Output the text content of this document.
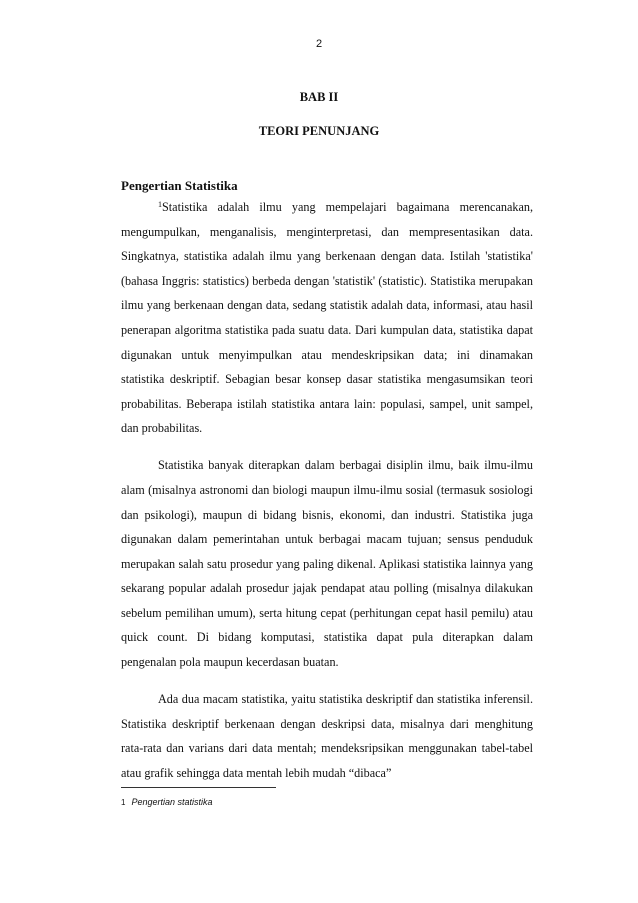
2
BAB II
TEORI PENUNJANG
Pengertian Statistika

$^1$Statistika adalah ilmu yang mempelajari bagaimana merencanakan, mengumpulkan, menganalisis, menginterpretasi, dan mempresentasikan data. Singkatnya, statistika adalah ilmu yang berkenaan dengan data. Istilah 'statistika' (bahasa Inggris: statistics) berbeda dengan 'statistik' (statistic). Statistika merupakan ilmu yang berkenaan dengan data, sedang statistik adalah data, informasi, atau hasil penerapan algoritma statistika pada suatu data. Dari kumpulan data, statistika dapat digunakan untuk menyimpulkan atau mendeskripsikan data; ini dinamakan statistika deskriptif. Sebagian besar konsep dasar statistika mengasumsikan teori probabilitas. Beberapa istilah statistika antara lain: populasi, sampel, unit sampel, dan probabilitas.

Statistika banyak diterapkan dalam berbagai disiplin ilmu, baik ilmu-ilmu alam (misalnya astronomi dan biologi maupun ilmu-ilmu sosial (termasuk sosiologi dan psikologi), maupun di bidang bisnis, ekonomi, dan industri. Statistika juga digunakan dalam pemerintahan untuk berbagai macam tujuan; sensus penduduk merupakan salah satu prosedur yang paling dikenal. Aplikasi statistika lainnya yang sekarang popular adalah prosedur jajak pendapat atau polling (misalnya dilakukan sebelum pemilihan umum), serta hitung cepat (perhitungan cepat hasil pemilu) atau quick count. Di bidang komputasi, statistika dapat pula diterapkan dalam pengenalan pola maupun kecerdasan buatan.

Ada dua macam statistika, yaitu statistika deskriptif dan statistika inferensil. Statistika deskriptif berkenaan dengan deskripsi data, misalnya dari menghitung rata-rata dan varians dari data mentah; mendeksripsikan menggunakan tabel-tabel atau grafik sehingga data mentah lebih mudah “dibaca”

1 Pengertian statistika
